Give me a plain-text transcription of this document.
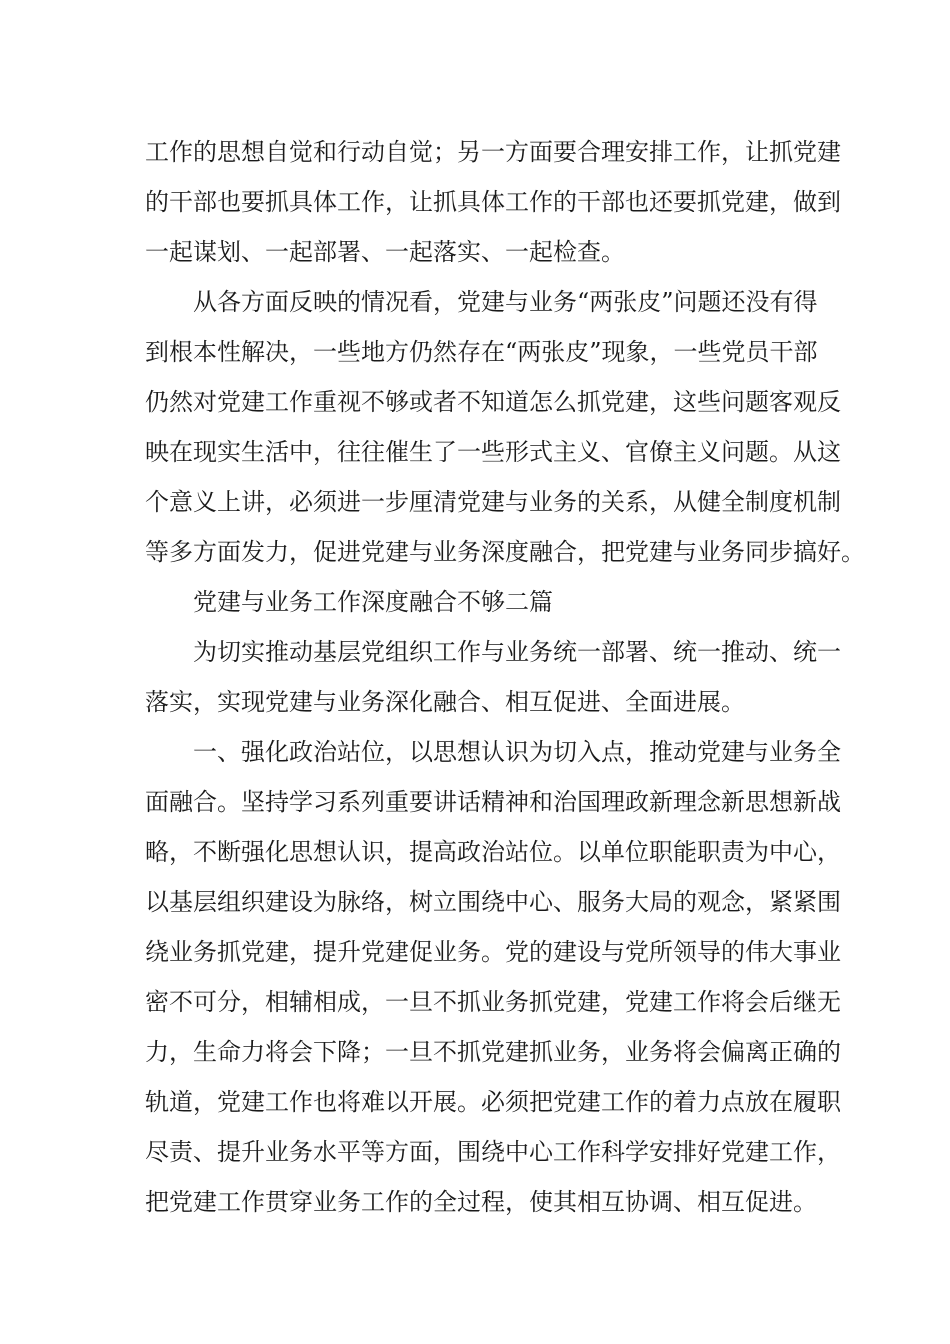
工作的思想自觉和行动自觉；另一方面要合理安排工作，让抓党建
的干部也要抓具体工作，让抓具体工作的干部也还要抓党建，做到
一起谋划、一起部署、一起落实、一起检查。
从各方面反映的情况看，党建与业务“两张皮”问题还没有得
到根本性解决，一些地方仍然存在“两张皮”现象，一些党员干部
仍然对党建工作重视不够或者不知道怎么抓党建，这些问题客观反
映在现实生活中，往往催生了一些形式主义、官僚主义问题。从这
个意义上讲，必须进一步厘清党建与业务的关系，从健全制度机制
等多方面发力，促进党建与业务深度融合，把党建与业务同步搞好。
党建与业务工作深度融合不够二篇
为切实推动基层党组织工作与业务统一部署、统一推动、统一
落实，实现党建与业务深化融合、相互促进、全面进展。
一、强化政治站位，以思想认识为切入点，推动党建与业务全
面融合。坚持学习系列重要讲话精神和治国理政新理念新思想新战
略，不断强化思想认识，提高政治站位。以单位职能职责为中心，
以基层组织建设为脉络，树立围绕中心、服务大局的观念，紧紧围
绕业务抓党建，提升党建促业务。党的建设与党所领导的伟大事业
密不可分，相辅相成，一旦不抓业务抓党建，党建工作将会后继无
力，生命力将会下降；一旦不抓党建抓业务，业务将会偏离正确的
轨道，党建工作也将难以开展。必须把党建工作的着力点放在履职
尽责、提升业务水平等方面，围绕中心工作科学安排好党建工作，
把党建工作贯穿业务工作的全过程，使其相互协调、相互促进。
